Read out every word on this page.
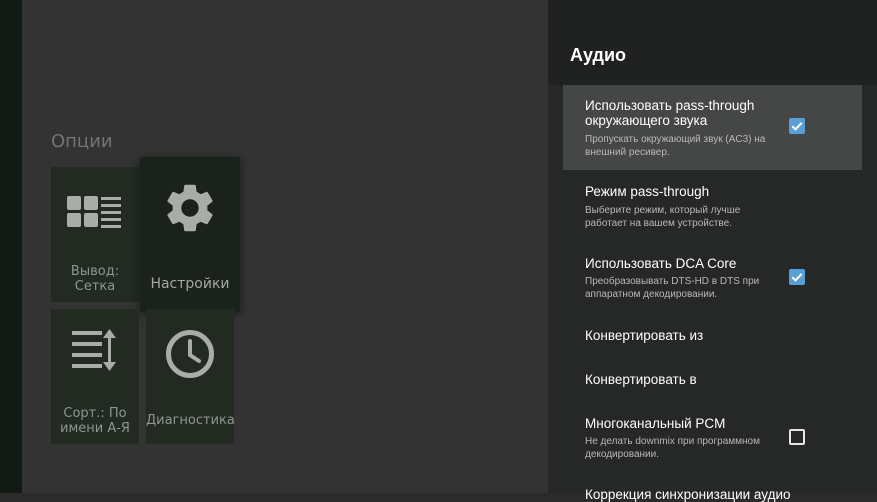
Опции
Вывод:
Сетка	Настройки
Сорт.: По
имени А-Я
Диагностика
Аудио
Использовать pass-through окружающего звука
Пропускать окружающий звук (AC3) на внешний ресивер.
Режим pass-through
Выберите режим, который лучше работает на вашем устройстве.
Использовать DCA Core
Преобразовывать DTS-HD в DTS при аппаратном декодировании.
Конвертировать из
Конвертировать в
Многоканальный PCM
Не делать downmix при программном декодировании.
Коррекция синхронизации аудио
